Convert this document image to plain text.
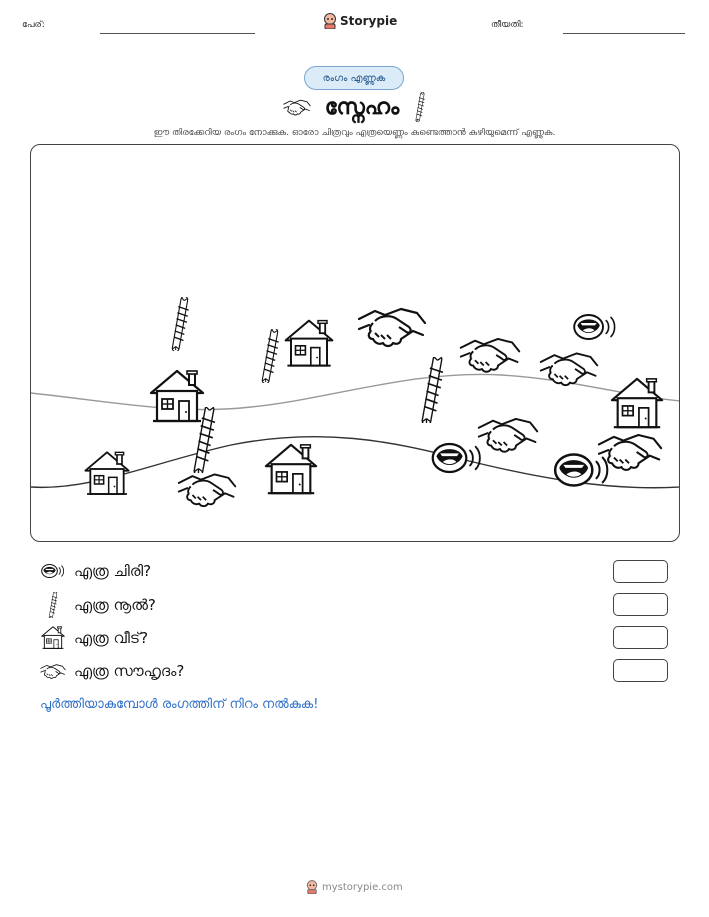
പേര്:	Storypie	തീയതി:
രംഗം എണ്ണുക
സ്നേഹം
ഈ തിരക്കേറിയ രംഗം നോക്കുക. ഓരോ ചിത്രവും എത്രയെണ്ണം കണ്ടെത്താൻ കഴിയുമെന്ന് എണ്ണുക.
എത്ര ചിരി?
എത്ര നൂൽ?
എത്ര വീട്?
എത്ര സൗഹൃദം?
പൂർത്തിയാകുമ്പോൾ രംഗത്തിന് നിറം നൽകുക!
mystorypie.com
